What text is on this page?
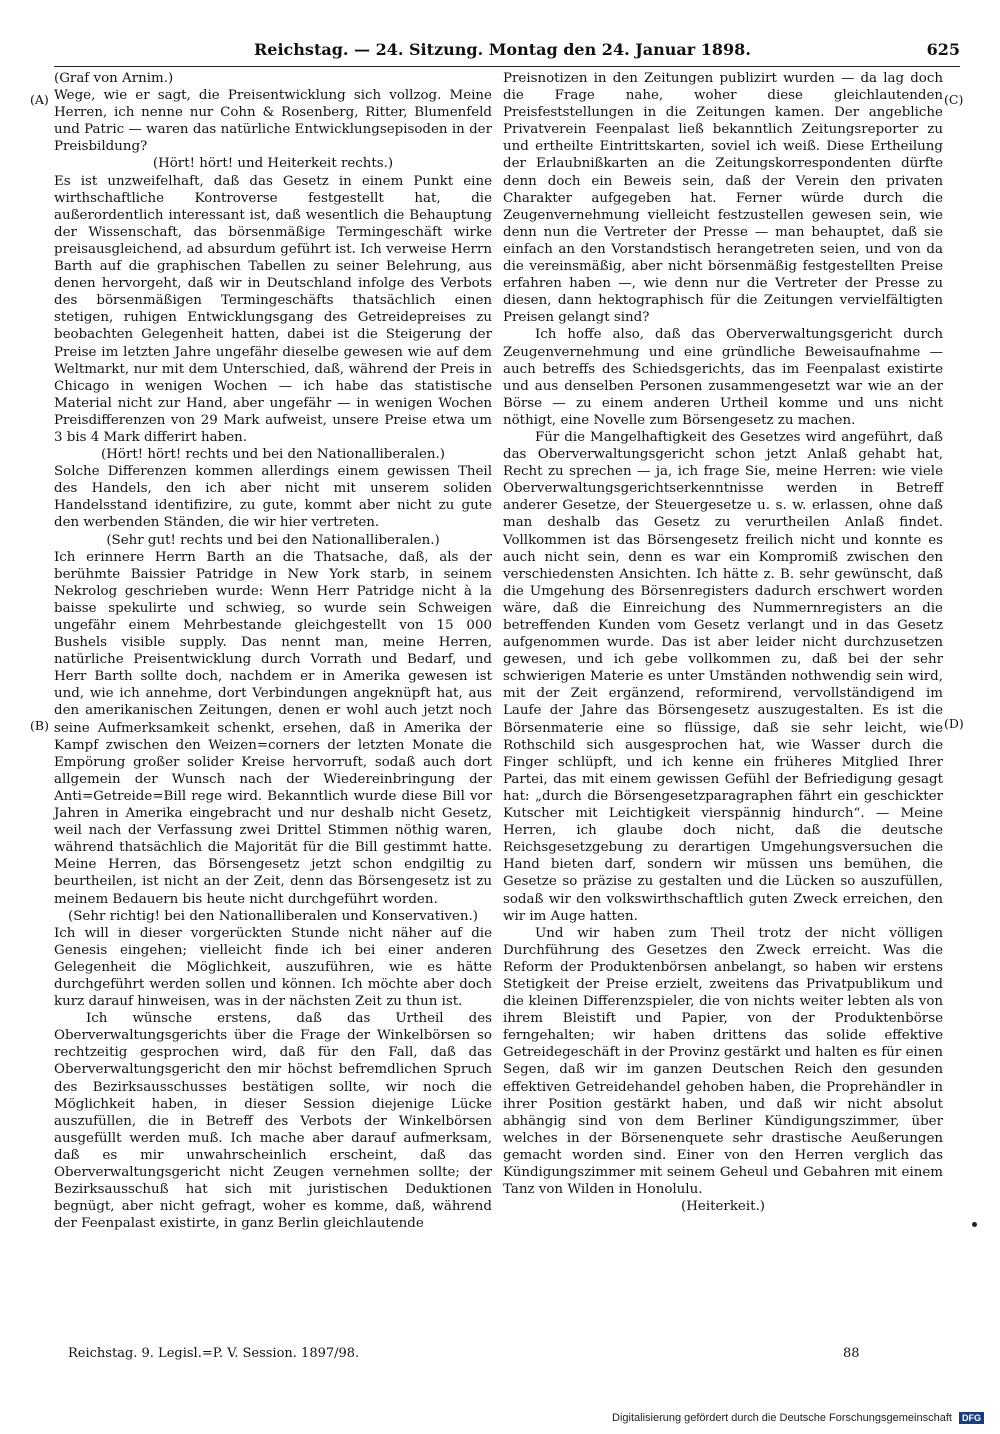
Reichstag. — 24. Sitzung. Montag den 24. Januar 1898.	625
(A)
(B)
(C)
(D)

(Graf von Arnim.)

Wege, wie er sagt, die Preisentwicklung sich vollzog. Meine Herren, ich nenne nur Cohn & Rosenberg, Ritter, Blumenfeld und Patric — waren das natürliche Entwicklungsepisoden in der Preisbildung?

(Hört! hört! und Heiterkeit rechts.)

Es ist unzweifelhaft, daß das Gesetz in einem Punkt eine wirthschaftliche Kontroverse festgestellt hat, die außerordentlich interessant ist, daß wesentlich die Behauptung der Wissenschaft, das börsenmäßige Termingeschäft wirke preisausgleichend, ad absurdum geführt ist. Ich verweise Herrn Barth auf die graphischen Tabellen zu seiner Belehrung, aus denen hervorgeht, daß wir in Deutschland infolge des Verbots des börsenmäßigen Termingeschäfts thatsächlich einen stetigen, ruhigen Entwicklungsgang des Getreidepreises zu beobachten Gelegenheit hatten, dabei ist die Steigerung der Preise im letzten Jahre ungefähr dieselbe gewesen wie auf dem Weltmarkt, nur mit dem Unterschied, daß, während der Preis in Chicago in wenigen Wochen — ich habe das statistische Material nicht zur Hand, aber ungefähr — in wenigen Wochen Preisdifferenzen von 29 Mark aufweist, unsere Preise etwa um 3 bis 4 Mark differirt haben.

(Hört! hört! rechts und bei den Nationalliberalen.)

Solche Differenzen kommen allerdings einem gewissen Theil des Handels, den ich aber nicht mit unserem soliden Handelsstand identifizire, zu gute, kommt aber nicht zu gute den werbenden Ständen, die wir hier vertreten.

(Sehr gut! rechts und bei den Nationalliberalen.)

Ich erinnere Herrn Barth an die Thatsache, daß, als der berühmte Baissier Patridge in New York starb, in seinem Nekrolog geschrieben wurde: Wenn Herr Patridge nicht à la baisse spekulirte und schwieg, so wurde sein Schweigen ungefähr einem Mehrbestande gleichgestellt von 15 000 Bushels visible supply. Das nennt man, meine Herren, natürliche Preisentwicklung durch Vorrath und Bedarf, und Herr Barth sollte doch, nachdem er in Amerika gewesen ist und, wie ich annehme, dort Verbindungen angeknüpft hat, aus den amerikanischen Zeitungen, denen er wohl auch jetzt noch seine Aufmerksamkeit schenkt, ersehen, daß in Amerika der Kampf zwischen den Weizen=corners der letzten Monate die Empörung großer solider Kreise hervorruft, sodaß auch dort allgemein der Wunsch nach der Wiedereinbringung der Anti=Getreide=Bill rege wird. Bekanntlich wurde diese Bill vor Jahren in Amerika eingebracht und nur deshalb nicht Gesetz, weil nach der Verfassung zwei Drittel Stimmen nöthig waren, während thatsächlich die Majorität für die Bill gestimmt hatte. Meine Herren, das Börsengesetz jetzt schon endgiltig zu beurtheilen, ist nicht an der Zeit, denn das Börsengesetz ist zu meinem Bedauern bis heute nicht durchgeführt worden.

(Sehr richtig! bei den Nationalliberalen und Konservativen.)

Ich will in dieser vorgerückten Stunde nicht näher auf die Genesis eingehen; vielleicht finde ich bei einer anderen Gelegenheit die Möglichkeit, auszuführen, wie es hätte durchgeführt werden sollen und können. Ich möchte aber doch kurz darauf hinweisen, was in der nächsten Zeit zu thun ist.

Ich wünsche erstens, daß das Urtheil des Oberverwaltungsgerichts über die Frage der Winkelbörsen so rechtzeitig gesprochen wird, daß für den Fall, daß das Oberverwaltungsgericht den mir höchst befremdlichen Spruch des Bezirksausschusses bestätigen sollte, wir noch die Möglichkeit haben, in dieser Session diejenige Lücke auszufüllen, die in Betreff des Verbots der Winkelbörsen ausgefüllt werden muß. Ich mache aber darauf aufmerksam, daß es mir unwahrscheinlich erscheint, daß das Oberverwaltungsgericht nicht Zeugen vernehmen sollte; der Bezirksausschuß hat sich mit juristischen Deduktionen begnügt, aber nicht gefragt, woher es komme, daß, während der Feenpalast existirte, in ganz Berlin gleichlautende

Preisnotizen in den Zeitungen publizirt wurden — da lag doch die Frage nahe, woher diese gleichlautenden Preisfeststellungen in die Zeitungen kamen. Der angebliche Privatverein Feenpalast ließ bekanntlich Zeitungsreporter zu und ertheilte Eintrittskarten, soviel ich weiß. Diese Ertheilung der Erlaubnißkarten an die Zeitungskorrespondenten dürfte denn doch ein Beweis sein, daß der Verein den privaten Charakter aufgegeben hat. Ferner würde durch die Zeugenvernehmung vielleicht festzustellen gewesen sein, wie denn nun die Vertreter der Presse — man behauptet, daß sie einfach an den Vorstandstisch herangetreten seien, und von da die vereinsmäßig, aber nicht börsenmäßig festgestellten Preise erfahren haben —, wie denn nur die Vertreter der Presse zu diesen, dann hektographisch für die Zeitungen vervielfältigten Preisen gelangt sind?

Ich hoffe also, daß das Oberverwaltungsgericht durch Zeugenvernehmung und eine gründliche Beweisaufnahme — auch betreffs des Schiedsgerichts, das im Feenpalast existirte und aus denselben Personen zusammengesetzt war wie an der Börse — zu einem anderen Urtheil komme und uns nicht nöthigt, eine Novelle zum Börsengesetz zu machen.

Für die Mangelhaftigkeit des Gesetzes wird angeführt, daß das Oberverwaltungsgericht schon jetzt Anlaß gehabt hat, Recht zu sprechen — ja, ich frage Sie, meine Herren: wie viele Oberverwaltungsgerichtserkenntnisse werden in Betreff anderer Gesetze, der Steuergesetze u. s. w. erlassen, ohne daß man deshalb das Gesetz zu verurtheilen Anlaß findet. Vollkommen ist das Börsengesetz freilich nicht und konnte es auch nicht sein, denn es war ein Kompromiß zwischen den verschiedensten Ansichten. Ich hätte z. B. sehr gewünscht, daß die Umgehung des Börsenregisters dadurch erschwert worden wäre, daß die Einreichung des Nummernregisters an die betreffenden Kunden vom Gesetz verlangt und in das Gesetz aufgenommen wurde. Das ist aber leider nicht durchzusetzen gewesen, und ich gebe vollkommen zu, daß bei der sehr schwierigen Materie es unter Umständen nothwendig sein wird, mit der Zeit ergänzend, reformirend, vervollständigend im Laufe der Jahre das Börsengesetz auszugestalten. Es ist die Börsenmaterie eine so flüssige, daß sie sehr leicht, wie Rothschild sich ausgesprochen hat, wie Wasser durch die Finger schlüpft, und ich kenne ein früheres Mitglied Ihrer Partei, das mit einem gewissen Gefühl der Befriedigung gesagt hat: „durch die Börsengesetzparagraphen fährt ein geschickter Kutscher mit Leichtigkeit vierspännig hindurch“. — Meine Herren, ich glaube doch nicht, daß die deutsche Reichsgesetzgebung zu derartigen Umgehungsversuchen die Hand bieten darf, sondern wir müssen uns bemühen, die Gesetze so präzise zu gestalten und die Lücken so auszufüllen, sodaß wir den volkswirthschaftlich guten Zweck erreichen, den wir im Auge hatten.

Und wir haben zum Theil trotz der nicht völligen Durchführung des Gesetzes den Zweck erreicht. Was die Reform der Produktenbörsen anbelangt, so haben wir erstens Stetigkeit der Preise erzielt, zweitens das Privatpublikum und die kleinen Differenzspieler, die von nichts weiter lebten als von ihrem Bleistift und Papier, von der Produktenbörse ferngehalten; wir haben drittens das solide effektive Getreidegeschäft in der Provinz gestärkt und halten es für einen Segen, daß wir im ganzen Deutschen Reich den gesunden effektiven Getreidehandel gehoben haben, die Proprehändler in ihrer Position gestärkt haben, und daß wir nicht absolut abhängig sind von dem Berliner Kündigungszimmer, über welches in der Börsenenquete sehr drastische Aeußerungen gemacht worden sind. Einer von den Herren verglich das Kündigungszimmer mit seinem Geheul und Gebahren mit einem Tanz von Wilden in Honolulu.

(Heiterkeit.)

Reichstag. 9. Legisl.=P. V. Session. 1897/98.	88
Digitalisierung gefördert durch die Deutsche Forschungsgemeinschaft DFG
